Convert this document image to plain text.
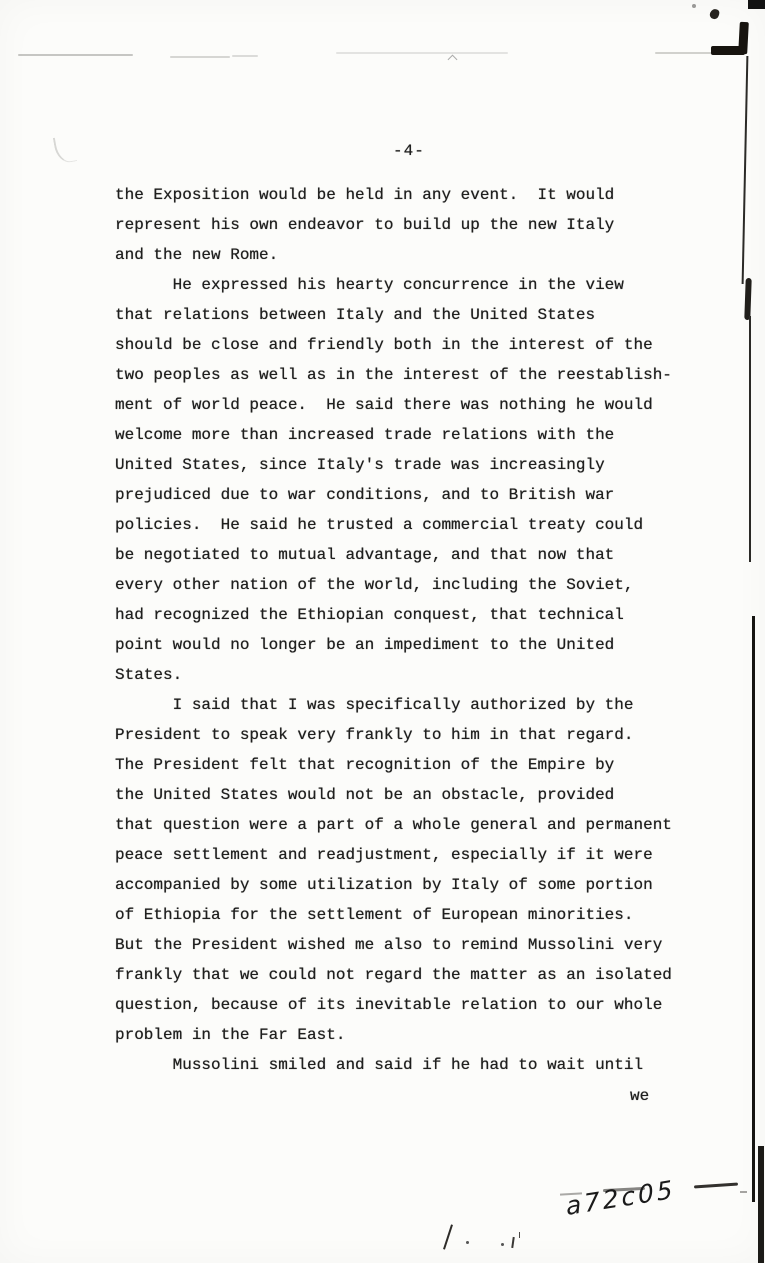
-4-
the Exposition would be held in any event.  It would
represent his own endeavor to build up the new Italy
and the new Rome.
He expressed his hearty concurrence in the view
that relations between Italy and the United States
should be close and friendly both in the interest of the
two peoples as well as in the interest of the reestablish-
ment of world peace.  He said there was nothing he would
welcome more than increased trade relations with the
United States, since Italy's trade was increasingly
prejudiced due to war conditions, and to British war
policies.  He said he trusted a commercial treaty could
be negotiated to mutual advantage, and that now that
every other nation of the world, including the Soviet,
had recognized the Ethiopian conquest, that technical
point would no longer be an impediment to the United
States.
I said that I was specifically authorized by the
President to speak very frankly to him in that regard.
The President felt that recognition of the Empire by
the United States would not be an obstacle, provided
that question were a part of a whole general and permanent
peace settlement and readjustment, especially if it were
accompanied by some utilization by Italy of some portion
of Ethiopia for the settlement of European minorities.
But the President wished me also to remind Mussolini very
frankly that we could not regard the matter as an isolated
question, because of its inevitable relation to our whole
problem in the Far East.
Mussolini smiled and said if he had to wait until
we
a72c05
